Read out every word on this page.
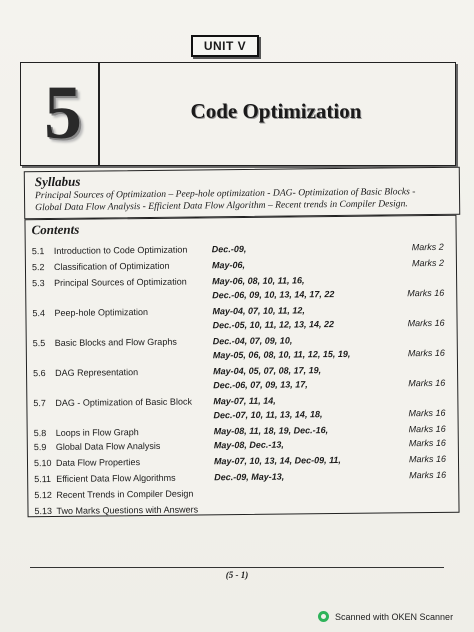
UNIT V
5	Code Optimization
Syllabus
Principal Sources of Optimization – Peep-hole optimization - DAG- Optimization of Basic Blocks -
Global Data Flow Analysis - Efficient Data Flow Algorithm – Recent trends in Compiler Design.
Contents
5.1 Introduction to Code Optimization	Dec.-09,	Marks 2
5.2 Classification of Optimization	May-06,	Marks 2
5.3 Principal Sources of Optimization	May-06, 08, 10, 11, 16,
Dec.-06, 09, 10, 13, 14, 17, 22	Marks 16
5.4 Peep-hole Optimization	May-04, 07, 10, 11, 12,
Dec.-05, 10, 11, 12, 13, 14, 22	Marks 16
5.5 Basic Blocks and Flow Graphs	Dec.-04, 07, 09, 10,
May-05, 06, 08, 10, 11, 12, 15, 19,	Marks 16
5.6 DAG Representation	May-04, 05, 07, 08, 17, 19,
Dec.-06, 07, 09, 13, 17,	Marks 16
5.7 DAG - Optimization of Basic Block	May-07, 11, 14,
Dec.-07, 10, 11, 13, 14, 18,	Marks 16
5.8 Loops in Flow Graph	May-08, 11, 18, 19, Dec.-16,	Marks 16
5.9 Global Data Flow Analysis	May-08, Dec.-13,	Marks 16
5.10 Data Flow Properties	May-07, 10, 13, 14, Dec-09, 11,	Marks 16
5.11 Efficient Data Flow Algorithms	Dec.-09, May-13,	Marks 16
5.12 Recent Trends in Compiler Design
5.13 Two Marks Questions with Answers
(5 - 1)
Scanned with OKEN Scanner
